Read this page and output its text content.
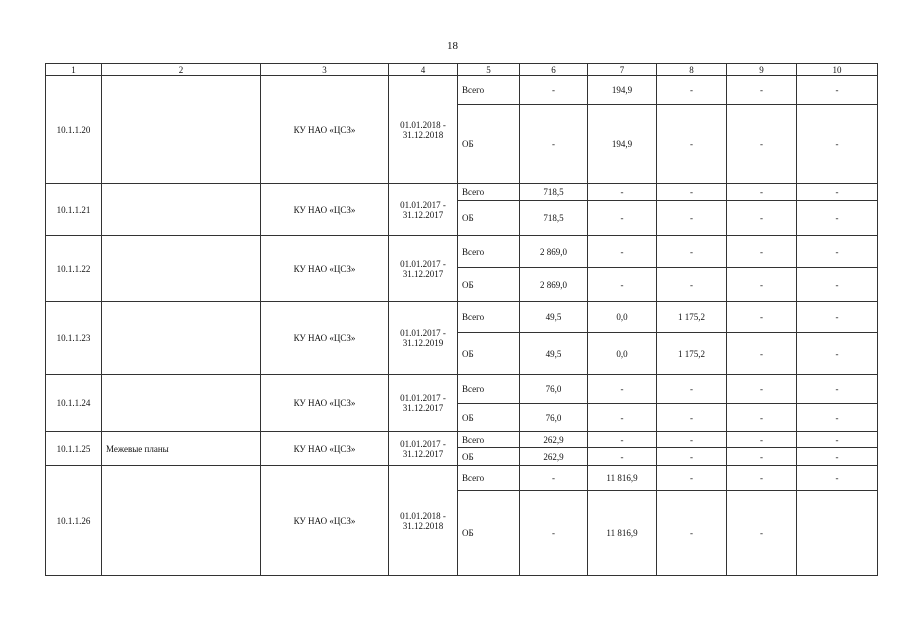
18
1	2	3	4	5	6	7	8	9	10
10.1.1.20		КУ НАО «ЦСЗ»	01.01.2018 - 31.12.2018	Всего	-	194,9	-	-	-
				ОБ	-	194,9	-	-	-
10.1.1.21		КУ НАО «ЦСЗ»	01.01.2017 - 31.12.2017	Всего	718,5	-	-	-	-
				ОБ	718,5	-	-	-	-
10.1.1.22		КУ НАО «ЦСЗ»	01.01.2017 - 31.12.2017	Всего	2 869,0	-	-	-	-
				ОБ	2 869,0	-	-	-	-
10.1.1.23		КУ НАО «ЦСЗ»	01.01.2017 - 31.12.2019	Всего	49,5	0,0	1 175,2	-	-
				ОБ	49,5	0,0	1 175,2	-	-
10.1.1.24		КУ НАО «ЦСЗ»	01.01.2017 - 31.12.2017	Всего	76,0	-	-	-	-
				ОБ	76,0	-	-	-	-
10.1.1.25	Межевые планы	КУ НАО «ЦСЗ»	01.01.2017 - 31.12.2017	Всего	262,9	-	-	-	-
				ОБ	262,9	-	-	-	-
10.1.1.26		КУ НАО «ЦСЗ»	01.01.2018 - 31.12.2018	Всего	-	11 816,9	-	-	-
				ОБ	-	11 816,9	-	-	
